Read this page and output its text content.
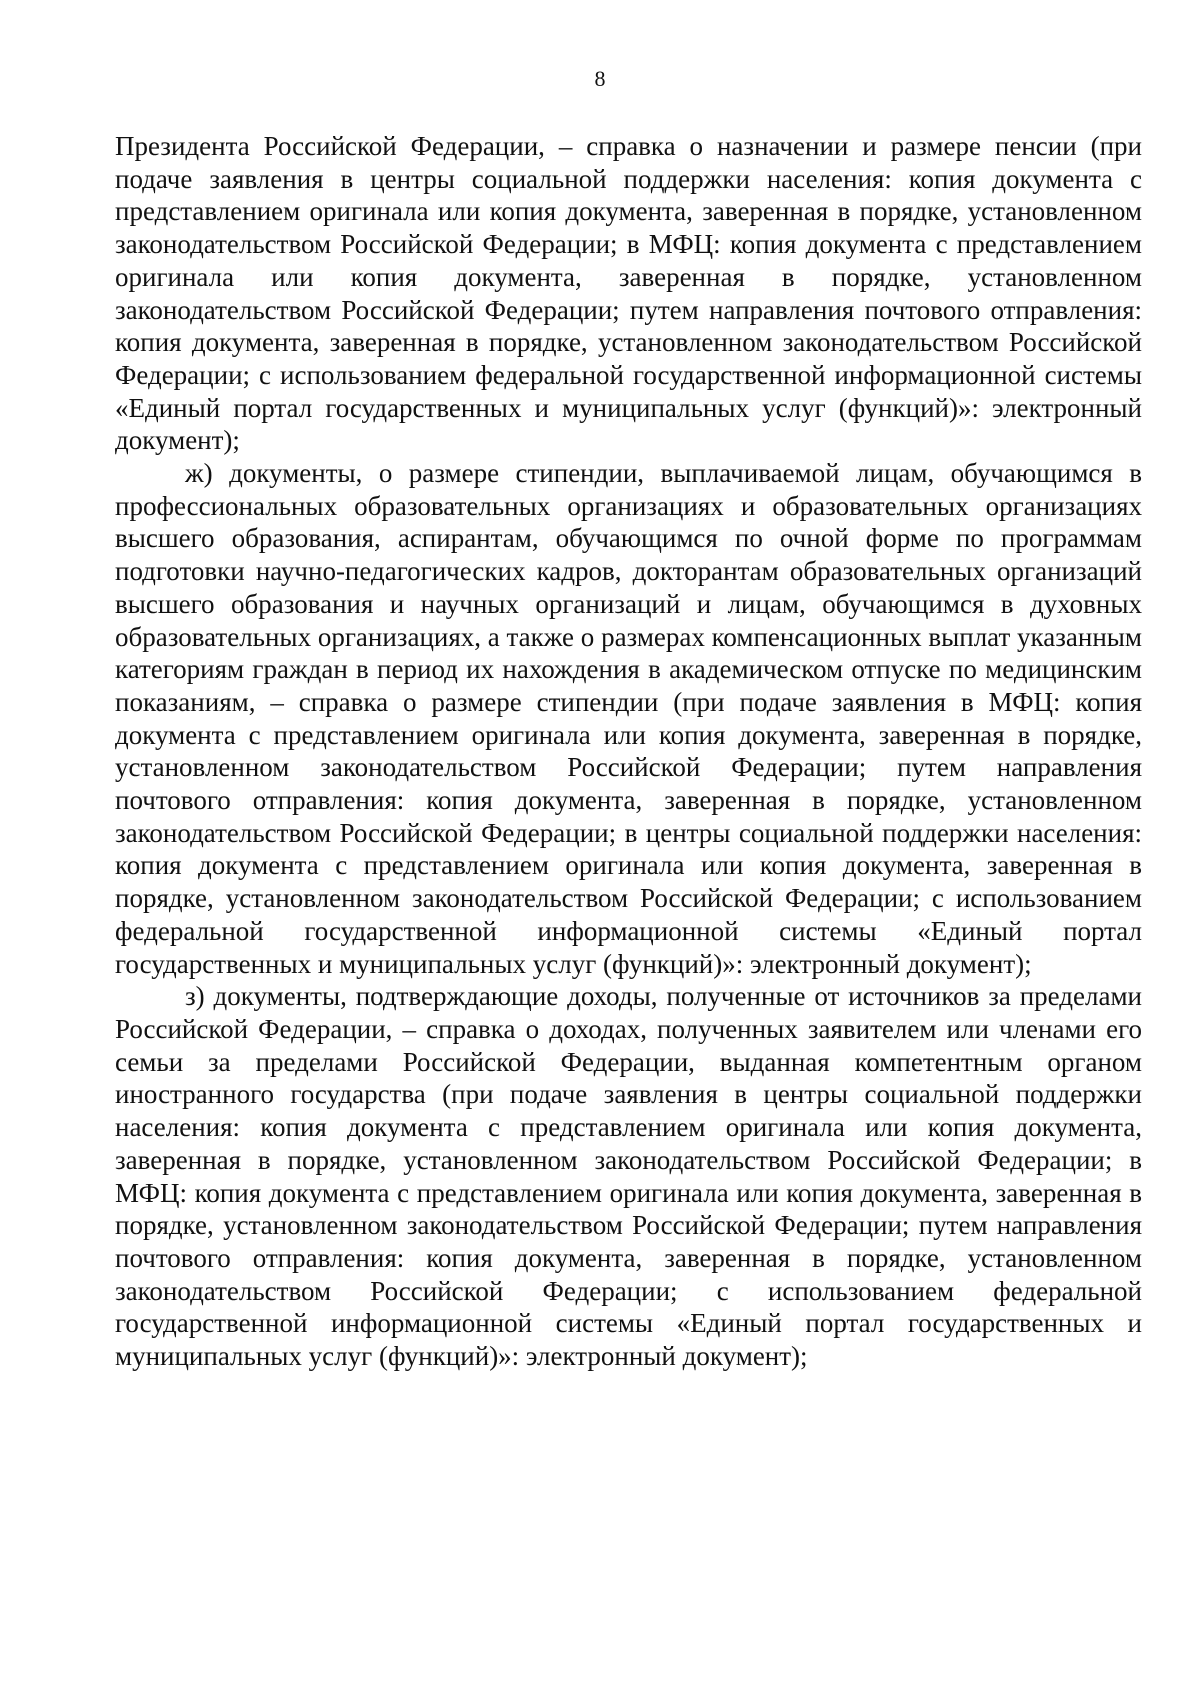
8

Президента Российской Федерации, – справка о назначении и размере пенсии (при подаче заявления в центры социальной поддержки населения: копия документа с представлением оригинала или копия документа, заверенная в порядке, установленном законодательством Российской Федерации; в МФЦ: копия документа с представлением оригинала или копия документа, заверенная в порядке, установленном законодательством Российской Федерации; путем направления почтового отправления: копия документа, заверенная в порядке, установленном законодательством Российской Федерации; с использованием федеральной государственной информационной системы «Единый портал государственных и муниципальных услуг (функций)»: электронный документ);

ж) документы, о размере стипендии, выплачиваемой лицам, обучающимся в профессиональных образовательных организациях и образовательных организациях высшего образования, аспирантам, обучающимся по очной форме по программам подготовки научно-педагогических кадров, докторантам образовательных организаций высшего образования и научных организаций и лицам, обучающимся в духовных образовательных организациях, а также о размерах компенсационных выплат указанным категориям граждан в период их нахождения в академическом отпуске по медицинским показаниям, – справка о размере стипендии (при подаче заявления в МФЦ: копия документа с представлением оригинала или копия документа, заверенная в порядке, установленном законодательством Российской Федерации; путем направления почтового отправления: копия документа, заверенная в порядке, установленном законодательством Российской Федерации; в центры социальной поддержки населения: копия документа с представлением оригинала или копия документа, заверенная в порядке, установленном законодательством Российской Федерации; с использованием федеральной государственной информационной системы «Единый портал государственных и муниципальных услуг (функций)»: электронный документ);

з) документы, подтверждающие доходы, полученные от источников за пределами Российской Федерации, – справка о доходах, полученных заявителем или членами его семьи за пределами Российской Федерации, выданная компетентным органом иностранного государства (при подаче заявления в центры социальной поддержки населения: копия документа с представлением оригинала или копия документа, заверенная в порядке, установленном законодательством Российской Федерации; в МФЦ: копия документа с представлением оригинала или копия документа, заверенная в порядке, установленном законодательством Российской Федерации; путем направления почтового отправления: копия документа, заверенная в порядке, установленном законодательством Российской Федерации; с использованием федеральной государственной информационной системы «Единый портал государственных и муниципальных услуг (функций)»: электронный документ);
